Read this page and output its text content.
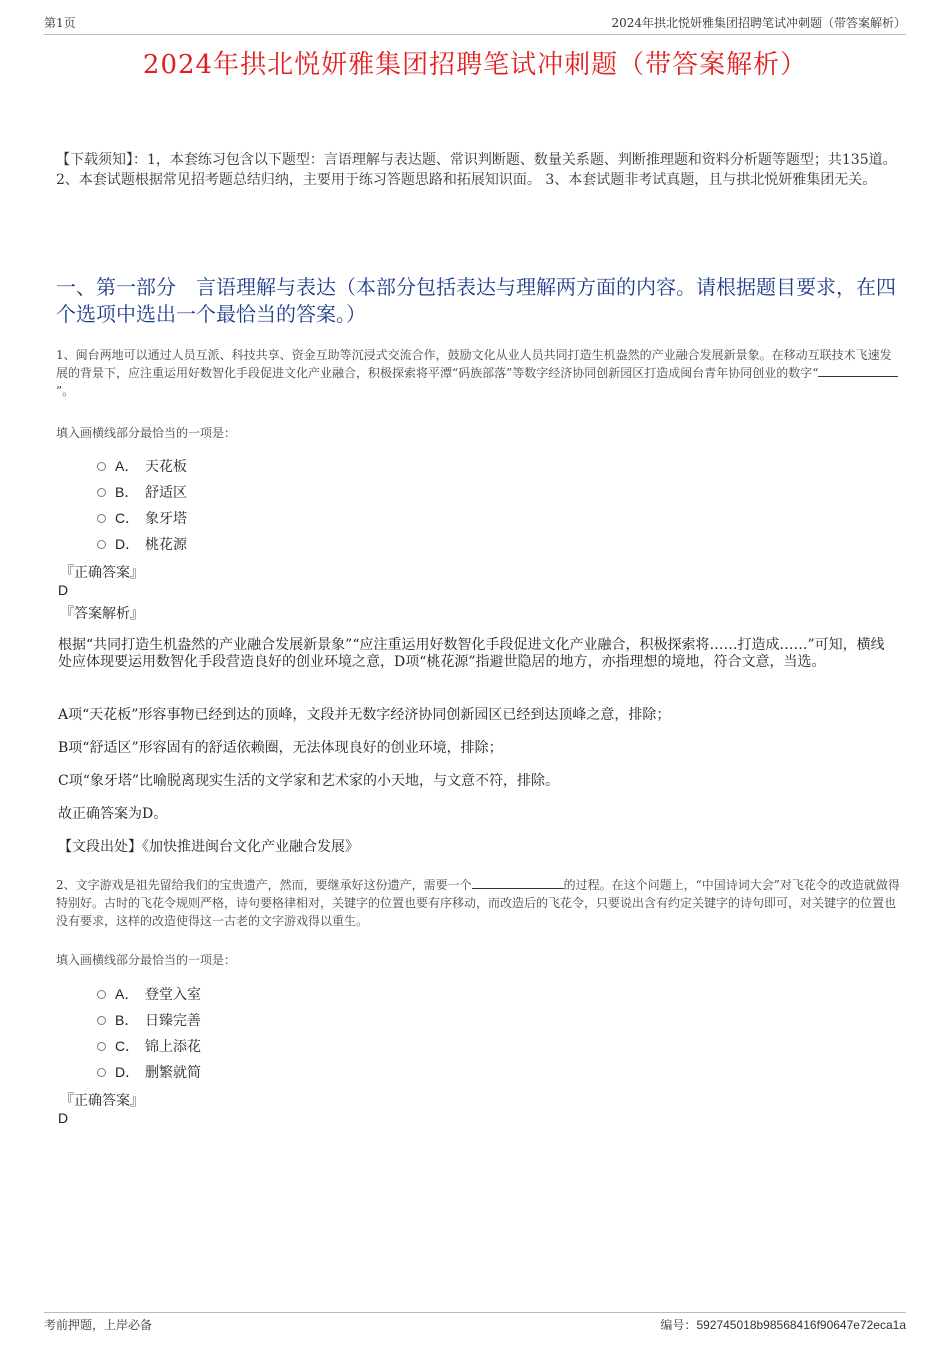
第1页	2024年拱北悦妍雅集团招聘笔试冲刺题（带答案解析）
2024年拱北悦妍雅集团招聘笔试冲刺题（带答案解析）
【下载须知】：1，本套练习包含以下题型：言语理解与表达题、常识判断题、数量关系题、判断推理题和资料分析题等题型；共135道。 2、本套试题根据常见招考题总结归纳，主要用于练习答题思路和拓展知识面。 3、本套试题非考试真题，且与拱北悦妍雅集团无关。
一、第一部分　言语理解与表达（本部分包括表达与理解两方面的内容。请根据题目要求，在四个选项中选出一个最恰当的答案。）
1、闽台两地可以通过人员互派、科技共享、资金互助等沉浸式交流合作，鼓励文化从业人员共同打造生机盎然的产业融合发展新景象。在移动互联技术飞速发展的背景下，应注重运用好数智化手段促进文化产业融合，积极探索将平潭“码族部落”等数字经济协同创新园区打造成闽台青年协同创业的数字“”。
填入画横线部分最恰当的一项是：
A． 天花板
B． 舒适区
C． 象牙塔
D． 桃花源
『正确答案』
D
『答案解析』
根据“共同打造生机盎然的产业融合发展新景象”“应注重运用好数智化手段促进文化产业融合，积极探索将……打造成……”可知，横线处应体现要运用数智化手段营造良好的创业环境之意，D项“桃花源”指避世隐居的地方，亦指理想的境地，符合文意，当选。
A项“天花板”形容事物已经到达的顶峰，文段并无数字经济协同创新园区已经到达顶峰之意，排除；
B项“舒适区”形容固有的舒适依赖圈，无法体现良好的创业环境，排除；
C项“象牙塔”比喻脱离现实生活的文学家和艺术家的小天地，与文意不符，排除。
故正确答案为D。
【文段出处】《加快推进闽台文化产业融合发展》
2、文字游戏是祖先留给我们的宝贵遗产，然而，要继承好这份遗产，需要一个	的过程。在这个问题上，“中国诗词大会”对飞花令的改造就做得特别好。古时的飞花令规则严格，诗句要格律相对，关键字的位置也要有序移动，而改造后的飞花令，只要说出含有约定关键字的诗句即可，对关键字的位置也没有要求，这样的改造使得这一古老的文字游戏得以重生。
填入画横线部分最恰当的一项是：
A． 登堂入室
B． 日臻完善
C． 锦上添花
D． 删繁就简
『正确答案』
D
考前押题，上岸必备	编号：592745018b98568416f90647e72eca1a
